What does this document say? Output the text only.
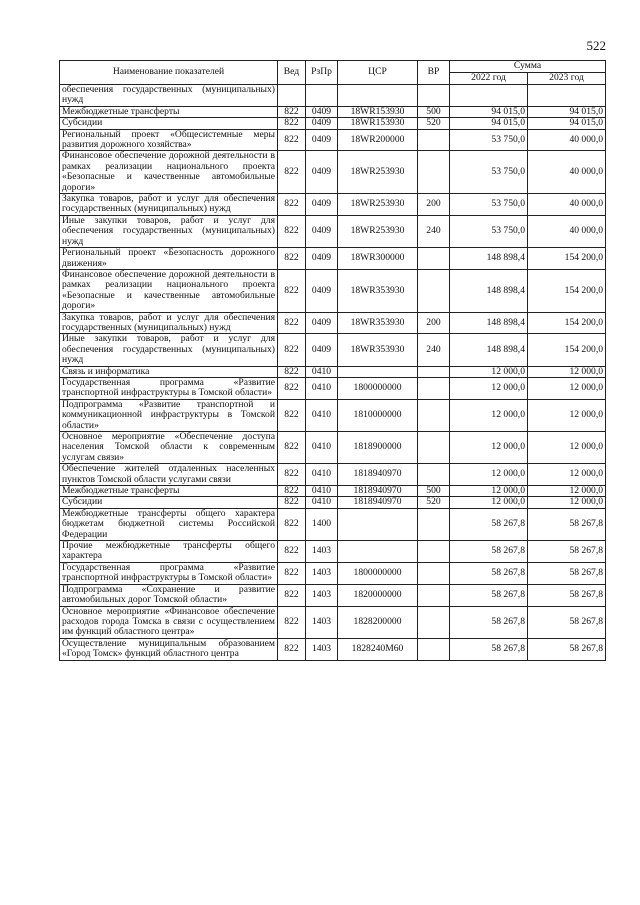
522
Наименование показателей	Вед	РзПр	ЦСР	ВР	Сумма	
					2022 год	2023 год
обеспечения государственных (муниципальных) нужд						
Межбюджетные трансферты	822	0409	18WR153930	500	94 015,0	94 015,0
Субсидии	822	0409	18WR153930	520	94 015,0	94 015,0
Региональный проект «Общесистемные меры развития дорожного хозяйства»	822	0409	18WR200000		53 750,0	40 000,0
Финансовое обеспечение дорожной деятельности в рамках реализации национального проекта «Безопасные и качественные автомобильные дороги»	822	0409	18WR253930		53 750,0	40 000,0
Закупка товаров, работ и услуг для обеспечения государственных (муниципальных) нужд	822	0409	18WR253930	200	53 750,0	40 000,0
Иные закупки товаров, работ и услуг для обеспечения государственных (муниципальных) нужд	822	0409	18WR253930	240	53 750,0	40 000,0
Региональный проект «Безопасность дорожного движения»	822	0409	18WR300000		148 898,4	154 200,0
Финансовое обеспечение дорожной деятельности в рамках реализации национального проекта «Безопасные и качественные автомобильные дороги»	822	0409	18WR353930		148 898,4	154 200,0
Закупка товаров, работ и услуг для обеспечения государственных (муниципальных) нужд	822	0409	18WR353930	200	148 898,4	154 200,0
Иные закупки товаров, работ и услуг для обеспечения государственных (муниципальных) нужд	822	0409	18WR353930	240	148 898,4	154 200,0
Связь и информатика	822	0410			12 000,0	12 000,0
Государственная программа «Развитие транспортной инфраструктуры в Томской области»	822	0410	1800000000		12 000,0	12 000,0
Подпрограмма «Развитие транспортной и коммуникационной инфраструктуры в Томской области»	822	0410	1810000000		12 000,0	12 000,0
Основное мероприятие «Обеспечение доступа населения Томской области к современным услугам связи»	822	0410	1818900000		12 000,0	12 000,0
Обеспечение жителей отдаленных населенных пунктов Томской области услугами связи	822	0410	1818940970		12 000,0	12 000,0
Межбюджетные трансферты	822	0410	1818940970	500	12 000,0	12 000,0
Субсидии	822	0410	1818940970	520	12 000,0	12 000,0
Межбюджетные трансферты общего характера бюджетам бюджетной системы Российской Федерации	822	1400			58 267,8	58 267,8
Прочие межбюджетные трансферты общего характера	822	1403			58 267,8	58 267,8
Государственная программа «Развитие транспортной инфраструктуры в Томской области»	822	1403	1800000000		58 267,8	58 267,8
Подпрограмма «Сохранение и развитие автомобильных дорог Томской области»	822	1403	1820000000		58 267,8	58 267,8
Основное мероприятие «Финансовое обеспечение расходов города Томска в связи с осуществлением им функций областного центра»	822	1403	1828200000		58 267,8	58 267,8
Осуществление муниципальным образованием «Город Томск» функций областного центра	822	1403	1828240М60		58 267,8	58 267,8
